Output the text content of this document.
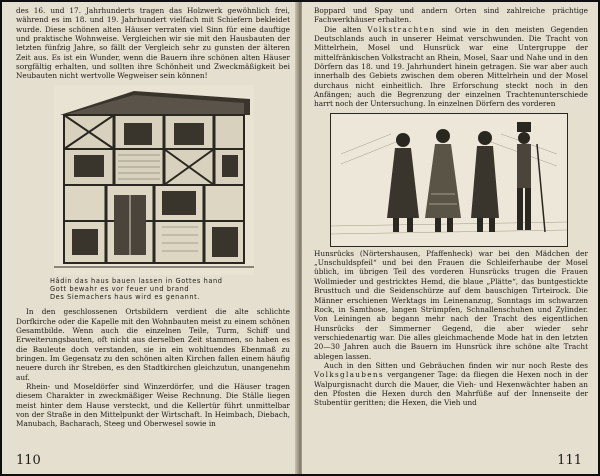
des 16. und 17. Jahrhunderts tragen das Holzwerk gewöhnlich frei, während es im 18. und 19. Jahrhundert vielfach mit Schiefern bekleidet wurde. Diese schönen alten Häuser verraten viel Sinn für eine dauftige und praktische Wohnweise. Vergleichen wir sie mit den Hausbauten der letzten fünfzig Jahre, so fällt der Vergleich sehr zu gunsten der älteren Zeit aus. Es ist ein Wunder, wenn die Bauern ihre schönen alten Häuser sorgfältig erhalten, und sollten ihre Schönheit und Zweckmäßigkeit bei Neubauten nicht wertvolle Wegweiser sein können!

Hâdin das haus bauen lassen in Gottes hand
Gott bewahr es vor feuer und brand
Des Siemachers haus wird es genannt.

In den geschlossenen Ortsbildern verdient die alte schlichte Dorfkirche oder die Kapelle mit den Wohnbauten meist zu einem schönen Gesamtbilde. Wenn auch die einzelnen Teile, Turm, Schiff und Erweiterungsbauten, oft nicht aus derselben Zeit stammen, so haben es die Bauleute doch verstanden, sie in ein wohltuendes Ebenmaß zu bringen. Im Gegensatz zu den schönen alten Kirchen fallen einem häufig neuere durch ihr Streben, es den Stadtkirchen gleichzutun, unangenehm auf.

Rhein- und Moseldörfer sind Winzerdörfer, und die Häuser tragen diesem Charakter in zweckmäßiger Weise Rechnung. Die Ställe liegen meist hinter dem Hause versteckt, und die Kellertür führt unmittelbar von der Straße in den Mittelpunkt der Wirtschaft. In Heimbach, Diebach, Manubach, Bacharach, Steeg und Oberwesel sowie in

110

Boppard und Spay und andern Orten sind zahlreiche prächtige Fachwerkhäuser erhalten.

Die alten Volkstrachten sind wie in den meisten Gegenden Deutschlands auch in unserer Heimat verschwunden. Die Tracht von Mittelrhein, Mosel und Hunsrück war eine Untergruppe der mittelfränkischen Volkstracht an Rhein, Mosel, Saar und Nahe und in den Dörfern das 18. und 19. Jahrhundert hinein getragen. Sie war aber auch innerhalb des Gebiets zwischen dem oberen Mittelrhein und der Mosel durchaus nicht einheitlich. Ihre Erforschung steckt noch in den Anfängen; auch die Begrenzung der einzelnen Trachtenunterschiede harrt noch der Untersuchung. In einzelnen Dörfern des vorderen

Hunsrücks (Nörtershausen, Pfaffenheck) war bei den Mädchen der „Unschuldspfeil“ und bei den Frauen die Schleiferhaube der Mosel üblich, im übrigen Teil des vorderen Hunsrücks trugen die Frauen Wollmieder und gestricktes Hemd, die blaue „Plätte“, das buntgestickte Brusttuch und die Seidenschürze auf dem bauschigen Tirteirock. Die Männer erschienen Werktags im Leinenanzug, Sonntags im schwarzen Rock, in Samthose, langen Strümpfen, Schnallenschuhen und Zylinder. Von Leiningen ab begann mehr nach der Tracht des eigentlichen Hunsrücks der Simmerner Gegend, die aber wieder sehr verschiedenartig war. Die alles gleichmachende Mode hat in den letzten 20—30 Jahren auch die Bauern im Hunsrück ihre schöne alte Tracht ablegen lassen.

Auch in den Sitten und Gebräuchen finden wir nur noch Reste des Volksglaubens vergangener Tage: da fliegen die Hexen noch in der Walpurgisnacht durch die Mauer, die Vieh- und Hexenwächter haben an den Pfosten die Hexen durch den Mahrfüße auf der Innenseite der Stubentür geritten; die Hexen, die Vieh und

111
